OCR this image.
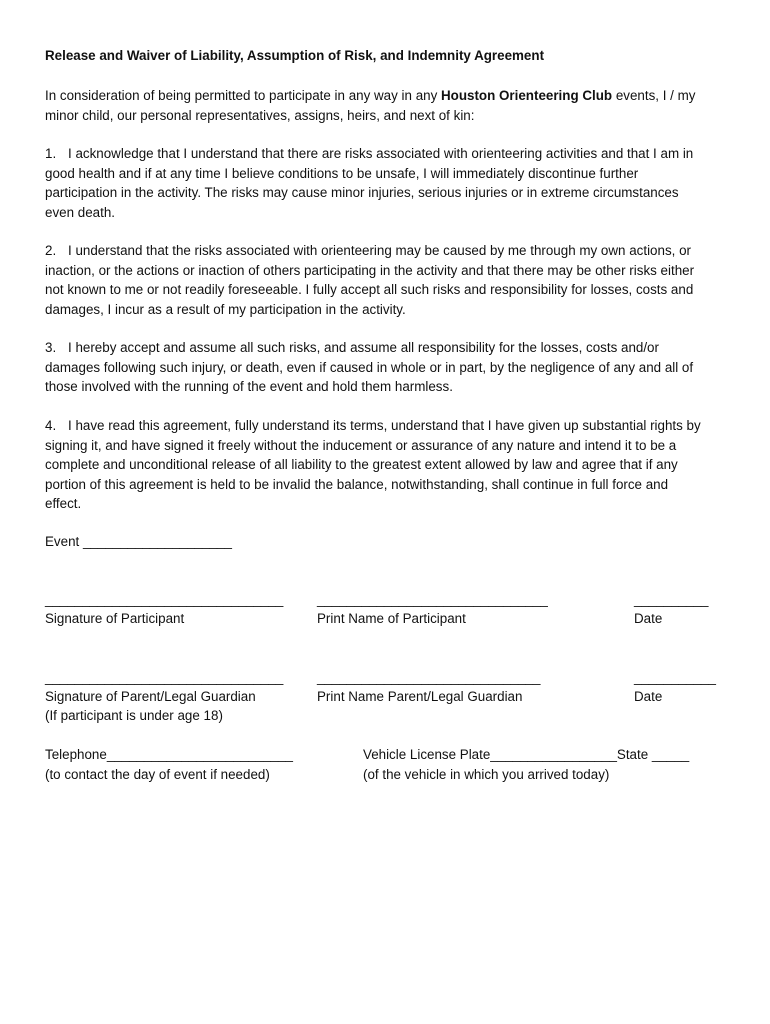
Release and Waiver of Liability, Assumption of Risk, and Indemnity Agreement

In consideration of being permitted to participate in any way in any Houston Orienteering Club events, I / my
minor child, our personal representatives, assigns, heirs, and next of kin:

1. I acknowledge that I understand that there are risks associated with orienteering activities and that I am in
good health and if at any time I believe conditions to be unsafe, I will immediately discontinue further
participation in the activity. The risks may cause minor injuries, serious injuries or in extreme circumstances
even death.

2. I understand that the risks associated with orienteering may be caused by me through my own actions, or
inaction, or the actions or inaction of others participating in the activity and that there may be other risks either
not known to me or not readily foreseeable. I fully accept all such risks and responsibility for losses, costs and
damages, I incur as a result of my participation in the activity.

3. I hereby accept and assume all such risks, and assume all responsibility for the losses, costs and/or
damages following such injury, or death, even if caused in whole or in part, by the negligence of any and all of
those involved with the running of the event and hold them harmless.

4. I have read this agreement, fully understand its terms, understand that I have given up substantial rights by
signing it, and have signed it freely without the inducement or assurance of any nature and intend it to be a
complete and unconditional release of all liability to the greatest extent allowed by law and agree that if any
portion of this agreement is held to be invalid the balance, notwithstanding, shall continue in full force and
effect.

Event ____________________
________________________________
Signature of Participant
_______________________________
Print Name of Participant
__________
Date
________________________________
Signature of Parent/Legal Guardian
(If participant is under age 18)
______________________________
Print Name Parent/Legal Guardian
___________
Date
Telephone_________________________
(to contact the day of event if needed)
Vehicle License Plate_________________State _____
(of the vehicle in which you arrived today)
